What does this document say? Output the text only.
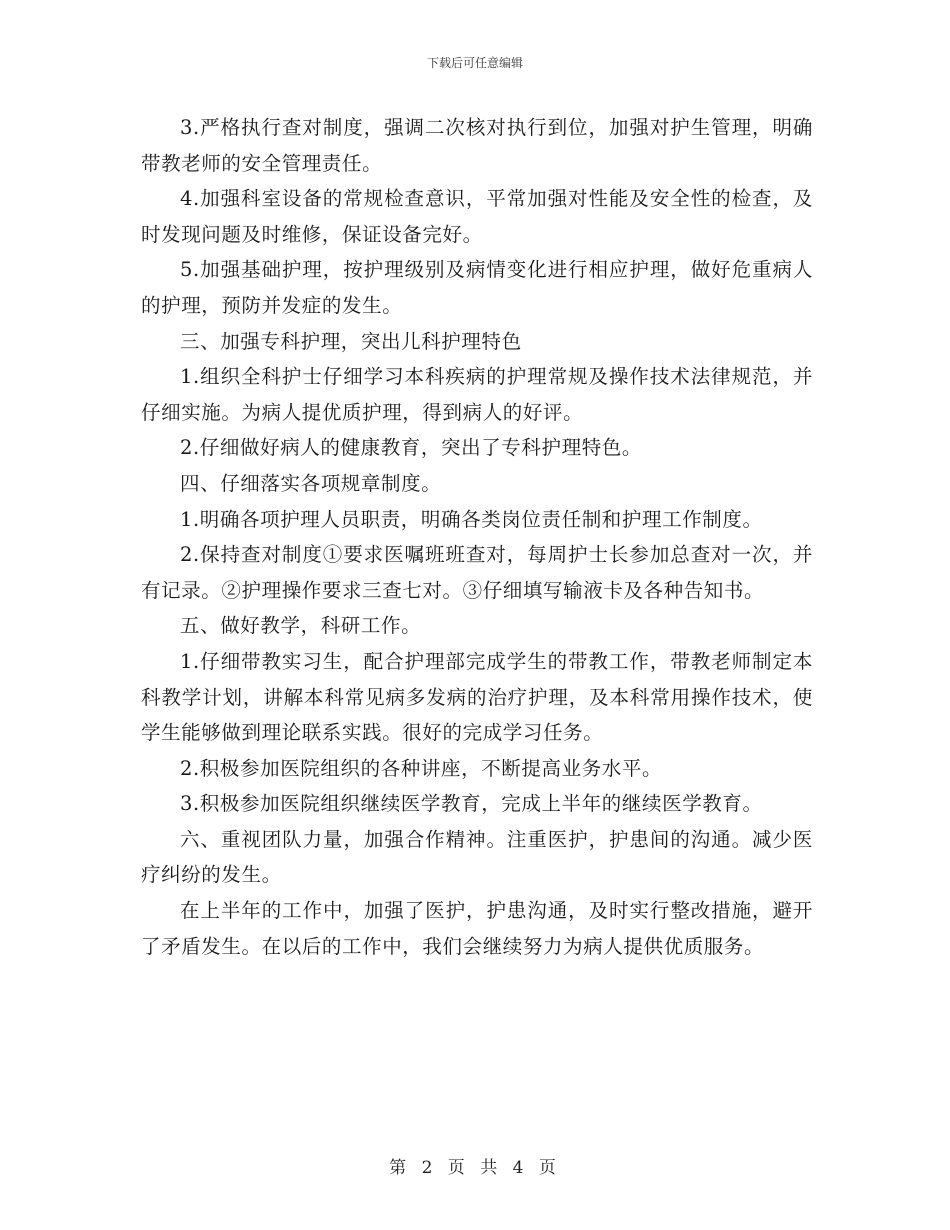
下载后可任意编辑

3.严格执行查对制度，强调二次核对执行到位，加强对护生管理，明确带教老师的安全管理责任。

4.加强科室设备的常规检查意识，平常加强对性能及安全性的检查，及时发现问题及时维修，保证设备完好。

5.加强基础护理，按护理级别及病情变化进行相应护理，做好危重病人的护理，预防并发症的发生。

三、加强专科护理，突出儿科护理特色

1.组织全科护士仔细学习本科疾病的护理常规及操作技术法律规范，并仔细实施。为病人提优质护理，得到病人的好评。

2.仔细做好病人的健康教育，突出了专科护理特色。

四、仔细落实各项规章制度。

1.明确各项护理人员职责，明确各类岗位责任制和护理工作制度。

2.保持查对制度①要求医嘱班班查对，每周护士长参加总查对一次，并有记录。②护理操作要求三查七对。③仔细填写输液卡及各种告知书。

五、做好教学，科研工作。

1.仔细带教实习生，配合护理部完成学生的带教工作，带教老师制定本科教学计划，讲解本科常见病多发病的治疗护理，及本科常用操作技术，使学生能够做到理论联系实践。很好的完成学习任务。

2.积极参加医院组织的各种讲座，不断提高业务水平。

3.积极参加医院组织继续医学教育，完成上半年的继续医学教育。

六、重视团队力量，加强合作精神。注重医护，护患间的沟通。减少医疗纠纷的发生。

在上半年的工作中，加强了医护，护患沟通，及时实行整改措施，避开了矛盾发生。在以后的工作中，我们会继续努力为病人提供优质服务。

第 2 页 共 4 页
